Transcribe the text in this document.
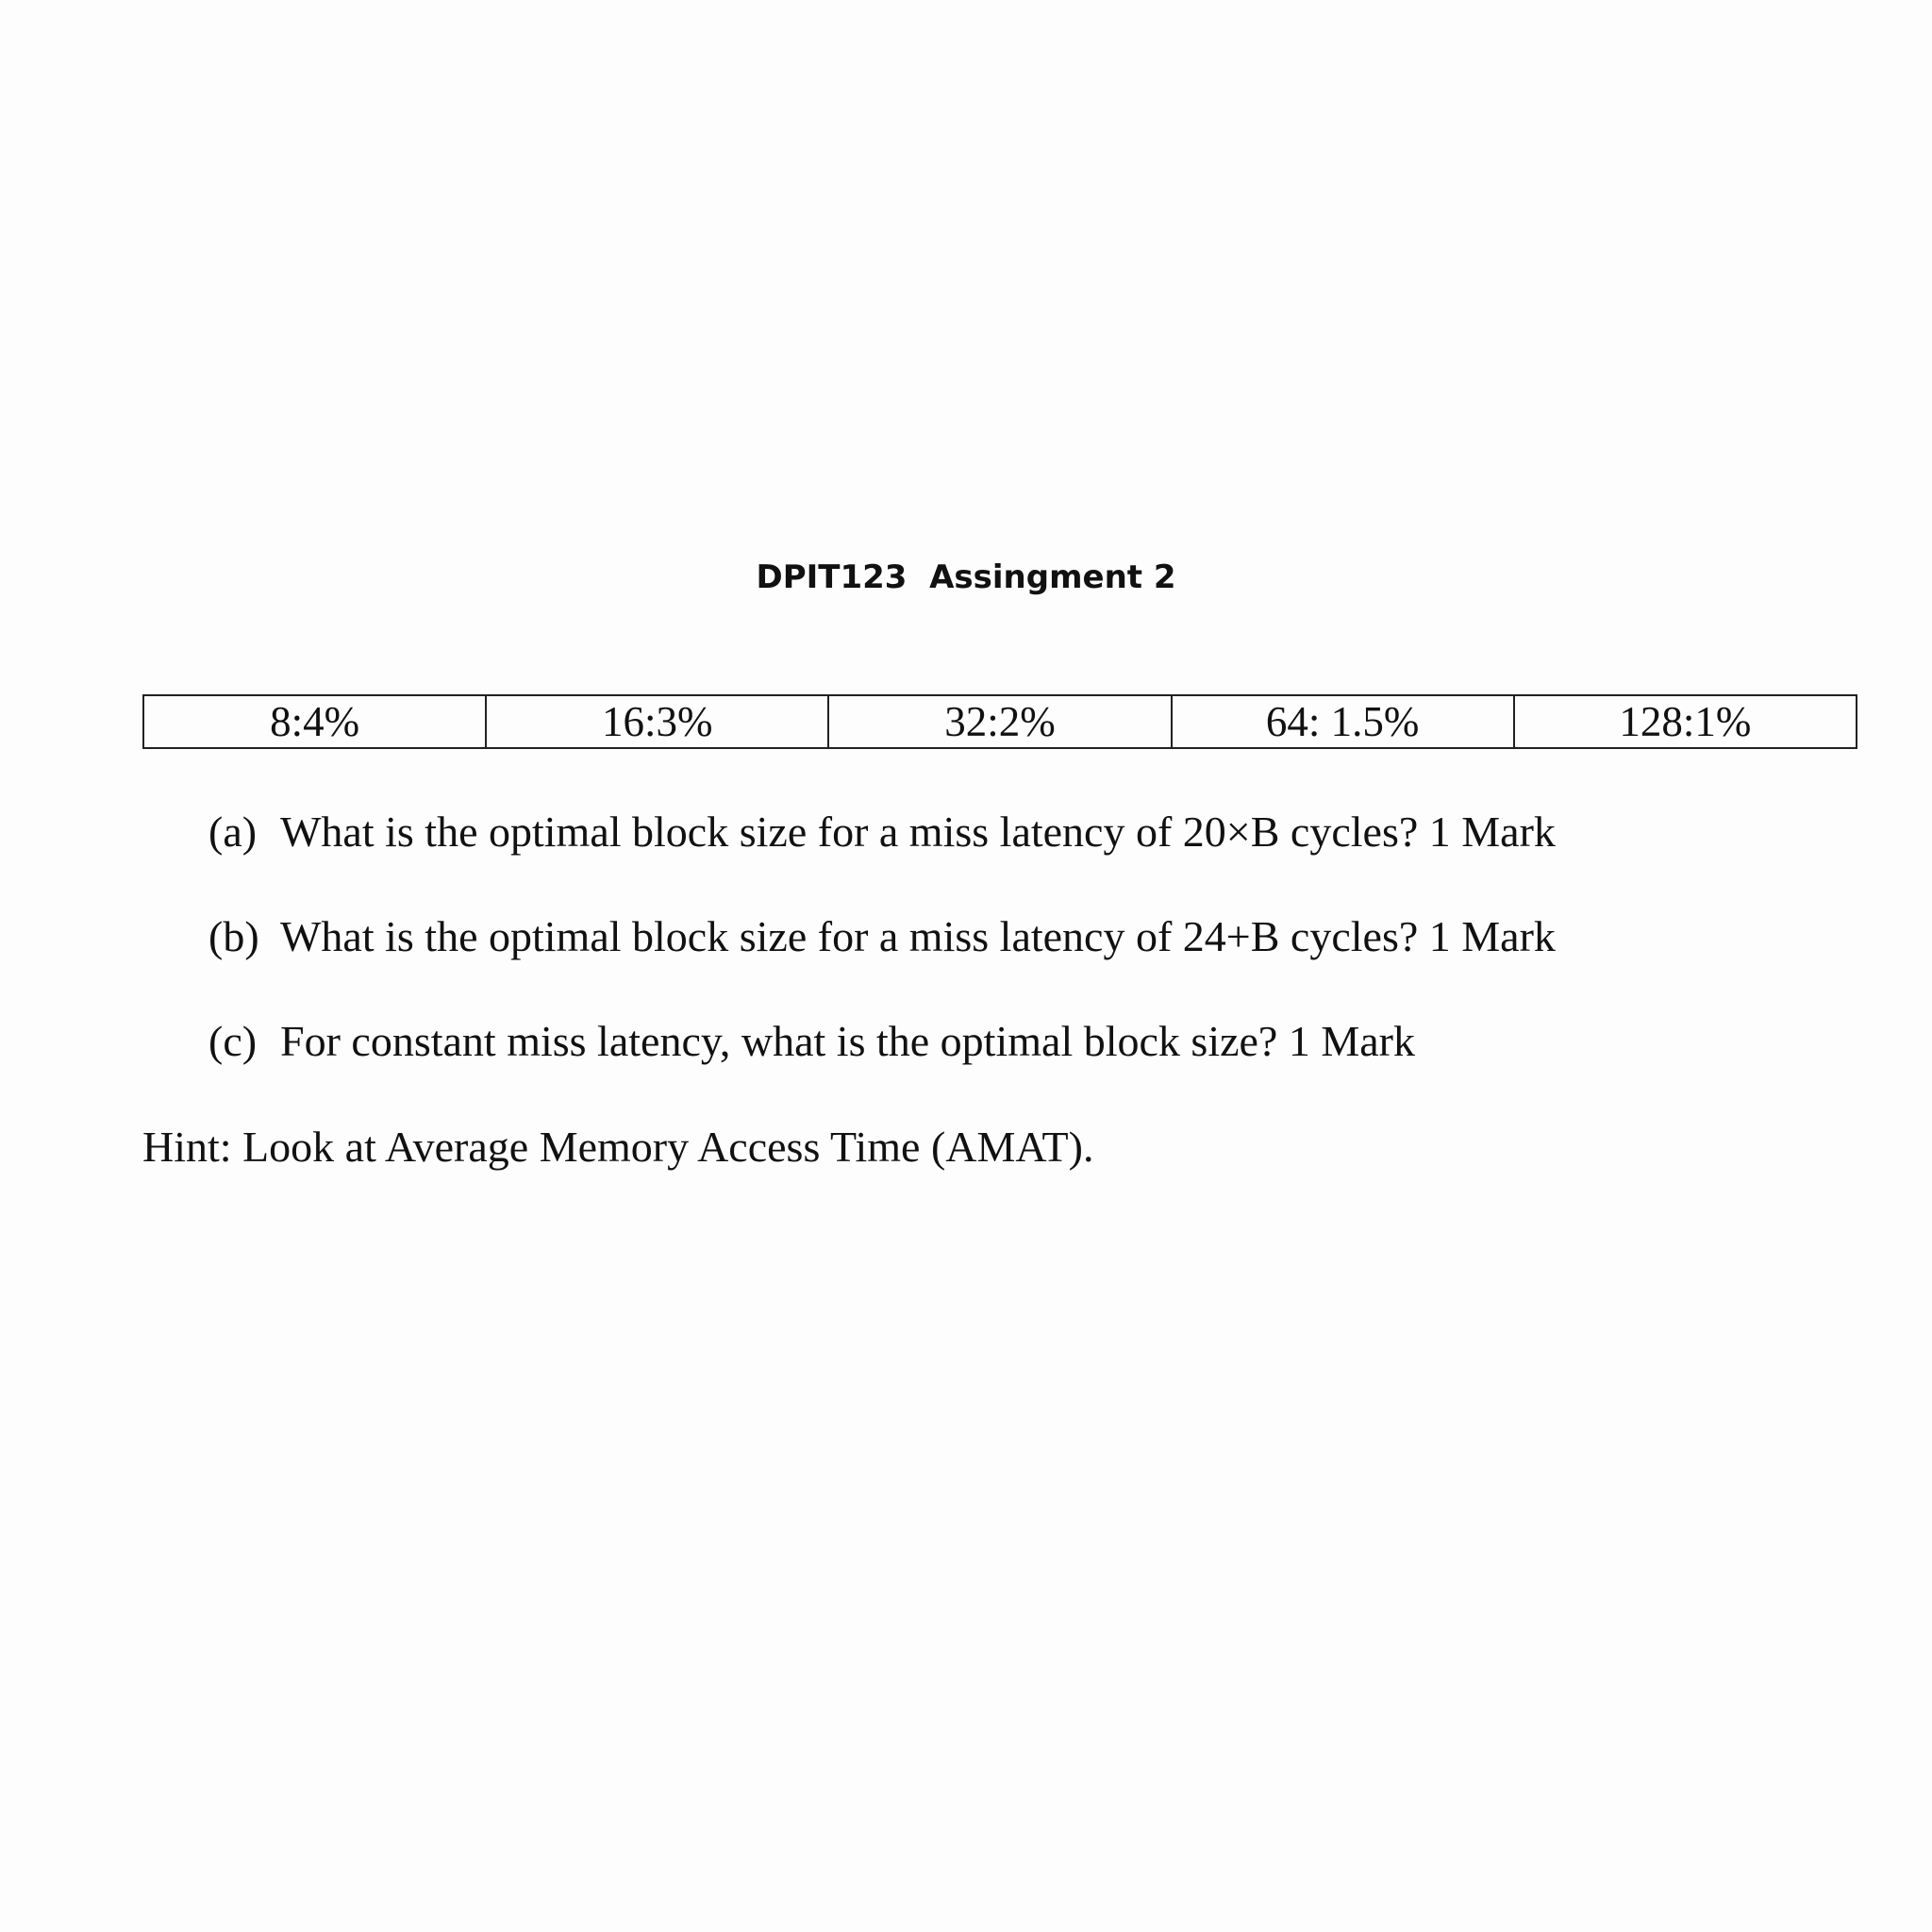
DPIT123  Assingment 2
8:4%	16:3%	32:2%	64: 1.5%	128:1%
(a) What is the optimal block size for a miss latency of 20×B cycles? 1 Mark
(b) What is the optimal block size for a miss latency of 24+B cycles? 1 Mark
(c) For constant miss latency, what is the optimal block size? 1 Mark

Hint: Look at Average Memory Access Time (AMAT).
